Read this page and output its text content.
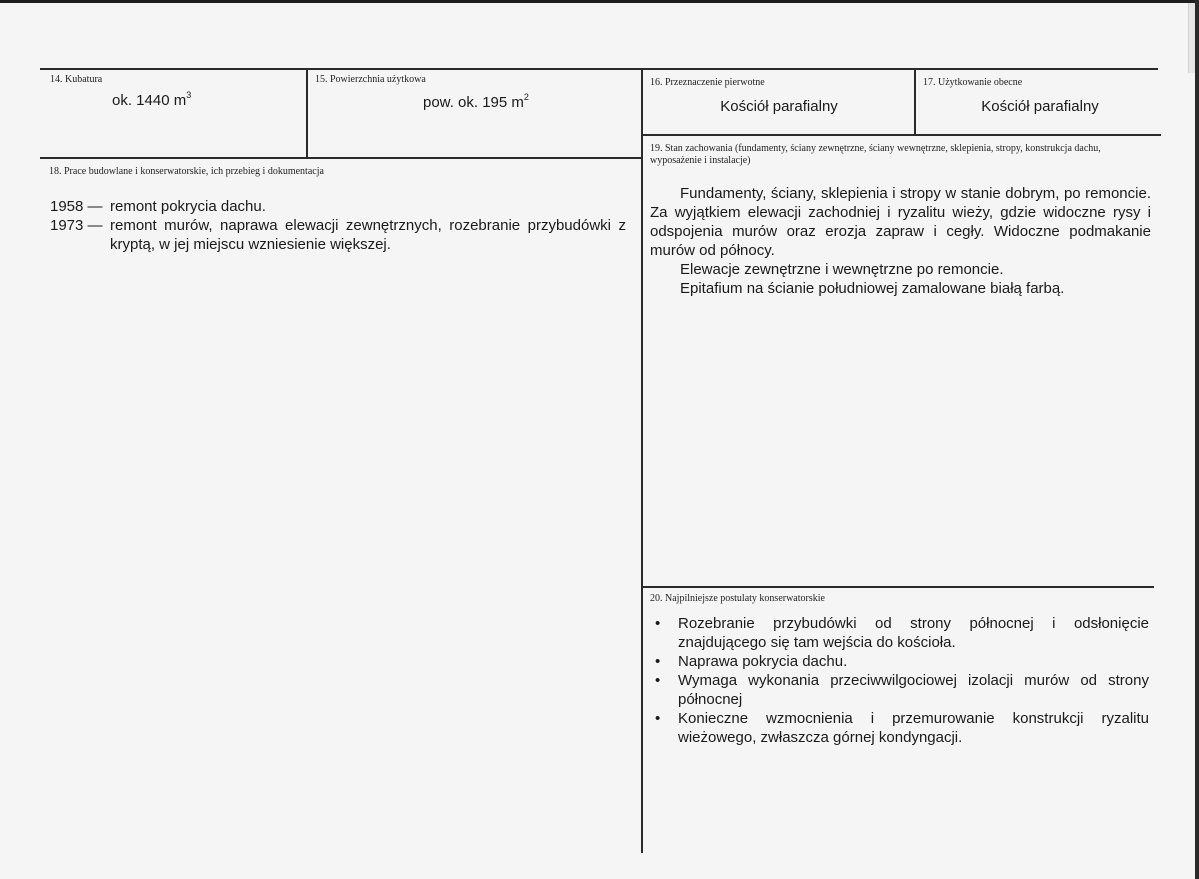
14. Kubatura

ok. 1440 $m^3$

15. Powierzchnia użytkowa

pow. ok. 195 $m^2$

16. Przeznaczenie pierwotne

Kościół parafialny

17. Użytkowanie obecne

Kościół parafialny

18. Prace budowlane i konserwatorskie, ich przebieg i dokumentacja

1958 — remont pokrycia dachu.
1973 — remont murów, naprawa elewacji zewnętrznych, rozebranie przybudówki z kryptą, w jej miejscu wzniesienie większej.

19. Stan zachowania (fundamenty, ściany zewnętrzne, ściany wewnętrzne, sklepienia, stropy, konstrukcja dachu, wyposażenie i instalacje)

Fundamenty, ściany, sklepienia i stropy w stanie dobrym, po remoncie. Za wyjątkiem elewacji zachodniej i ryzalitu wieży, gdzie widoczne rysy i odspojenia murów oraz erozja zapraw i cegły. Widoczne podmakanie murów od północy.

Elewacje zewnętrzne i wewnętrzne po remoncie.

Epitafium na ścianie południowej zamalowane białą farbą.

20. Najpilniejsze postulaty konserwatorskie

•	Rozebranie przybudówki od strony północnej i odsłonięcie znajdującego się tam wejścia do kościoła.
•	Naprawa pokrycia dachu.
•	Wymaga wykonania przeciwwilgociowej izolacji murów od strony północnej
•	Konieczne wzmocnienia i przemurowanie konstrukcji ryzalitu wieżowego, zwłaszcza górnej kondyngacji.
